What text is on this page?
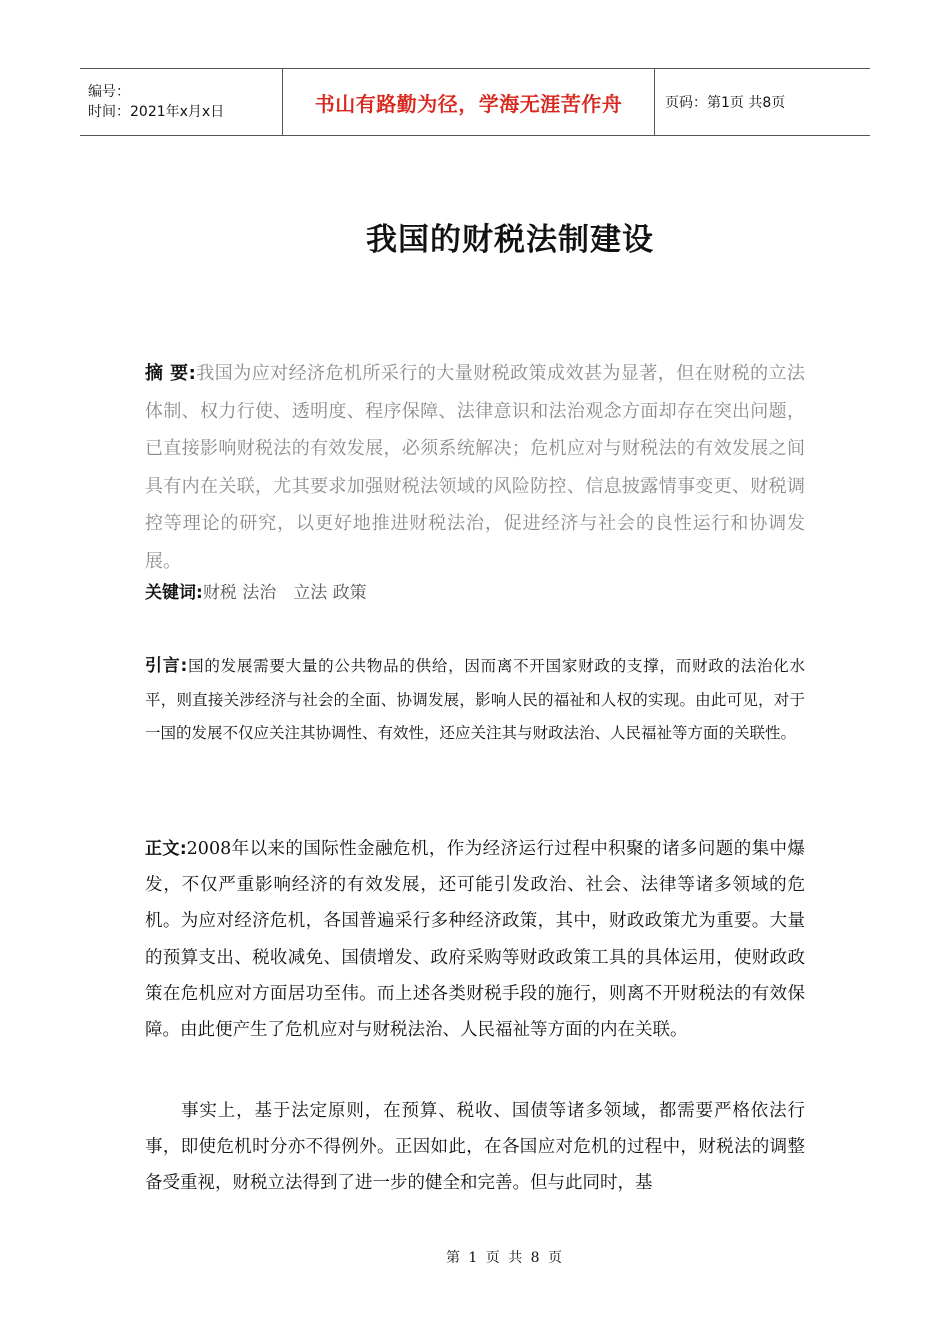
编号：
时间：2021年x月x日	书山有路勤为径，学海无涯苦作舟	页码：第1页 共8页
我国的财税法制建设
摘 要:我国为应对经济危机所采行的大量财税政策成效甚为显著，但在财税的立法体制、权力行使、透明度、程序保障、法律意识和法治观念方面却存在突出问题，已直接影响财税法的有效发展，必须系统解决；危机应对与财税法的有效发展之间具有内在关联，尤其要求加强财税法领域的风险防控、信息披露情事变更、财税调控等理论的研究，以更好地推进财税法治，促进经济与社会的良性运行和协调发展。
关键词:财税 法治　立法 政策
引言:国的发展需要大量的公共物品的供给，因而离不开国家财政的支撑，而财政的法治化水平，则直接关涉经济与社会的全面、协调发展，影响人民的福祉和人权的实现。由此可见，对于一国的发展不仅应关注其协调性、有效性，还应关注其与财政法治、人民福祉等方面的关联性。
正文:2008年以来的国际性金融危机，作为经济运行过程中积聚的诸多问题的集中爆发，不仅严重影响经济的有效发展，还可能引发政治、社会、法律等诸多领域的危机。为应对经济危机，各国普遍采行多种经济政策，其中，财政政策尤为重要。大量的预算支出、税收减免、国债增发、政府采购等财政政策工具的具体运用，使财政政策在危机应对方面居功至伟。而上述各类财税手段的施行，则离不开财税法的有效保障。由此便产生了危机应对与财税法治、人民福祉等方面的内在关联。
事实上，基于法定原则，在预算、税收、国债等诸多领域，都需要严格依法行事，即使危机时分亦不得例外。正因如此，在各国应对危机的过程中，财税法的调整备受重视，财税立法得到了进一步的健全和完善。但与此同时，基
第 1 页 共 8 页
